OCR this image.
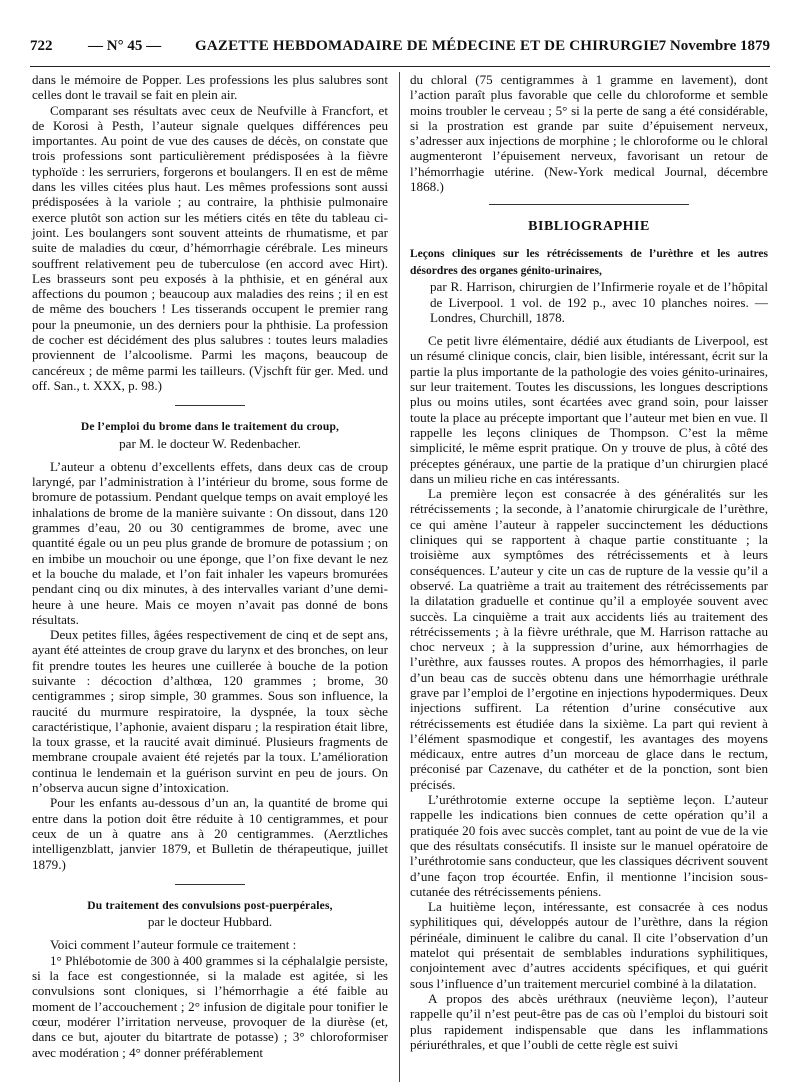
722 — N° 45 — GAZETTE HEBDOMADAIRE DE MÉDECINE ET DE CHIRURGIE 7 Novembre 1879

dans le mémoire de Popper. Les professions les plus salubres sont celles dont le travail se fait en plein air.

Comparant ses résultats avec ceux de Neufville à Francfort, et de Korosi à Pesth, l’auteur signale quelques différences peu importantes. Au point de vue des causes de décès, on constate que trois professions sont particulièrement prédisposées à la fièvre typhoïde : les serruriers, forgerons et boulangers. Il en est de même dans les villes citées plus haut. Les mêmes professions sont aussi prédisposées à la variole ; au contraire, la phthisie pulmonaire exerce plutôt son action sur les métiers cités en tête du tableau ci-joint. Les boulangers sont souvent atteints de rhumatisme, et par suite de maladies du cœur, d’hémorrhagie cérébrale. Les mineurs souffrent relativement peu de tuberculose (en accord avec Hirt). Les brasseurs sont peu exposés à la phthisie, et en général aux affections du poumon ; beaucoup aux maladies des reins ; il en est de même des bouchers ! Les tisserands occupent le premier rang pour la pneumonie, un des derniers pour la phthisie. La profession de cocher est décidément des plus salubres : toutes leurs maladies proviennent de l’alcoolisme. Parmi les maçons, beaucoup de cancéreux ; de même parmi les tailleurs. (Vjschft für ger. Med. und off. San., t. XXX, p. 98.)

De l’emploi du brome dans le traitement du croup,
par M. le docteur W. Redenbacher.

L’auteur a obtenu d’excellents effets, dans deux cas de croup laryngé, par l’administration à l’intérieur du brome, sous forme de bromure de potassium. Pendant quelque temps on avait employé les inhalations de brome de la manière suivante : On dissout, dans 120 grammes d’eau, 20 ou 30 centigrammes de brome, avec une quantité égale ou un peu plus grande de bromure de potassium ; on en imbibe un mouchoir ou une éponge, que l’on fixe devant le nez et la bouche du malade, et l’on fait inhaler les vapeurs bromurées pendant cinq ou dix minutes, à des intervalles variant d’une demi-heure à une heure. Mais ce moyen n’avait pas donné de bons résultats.

Deux petites filles, âgées respectivement de cinq et de sept ans, ayant été atteintes de croup grave du larynx et des bronches, on leur fit prendre toutes les heures une cuillerée à bouche de la potion suivante : décoction d’althœa, 120 grammes ; brome, 30 centigrammes ; sirop simple, 30 grammes. Sous son influence, la raucité du murmure respiratoire, la dyspnée, la toux sèche caractéristique, l’aphonie, avaient disparu ; la respiration était libre, la toux grasse, et la raucité avait diminué. Plusieurs fragments de membrane croupale avaient été rejetés par la toux. L’amélioration continua le lendemain et la guérison survint en peu de jours. On n’observa aucun signe d’intoxication.

Pour les enfants au-dessous d’un an, la quantité de brome qui entre dans la potion doit être réduite à 10 centigrammes, et pour ceux de un à quatre ans à 20 centigrammes. (Aerztliches intelligenzblatt, janvier 1879, et Bulletin de thérapeutique, juillet 1879.)

Du traitement des convulsions post-puerpérales,
par le docteur Hubbard.

Voici comment l’auteur formule ce traitement :

1° Phlébotomie de 300 à 400 grammes si la céphalalgie persiste, si la face est congestionnée, si la malade est agitée, si les convulsions sont cloniques, si l’hémorrhagie a été faible au moment de l’accouchement ; 2° infusion de digitale pour tonifier le cœur, modérer l’irritation nerveuse, provoquer de la diurèse (et, dans ce but, ajouter du bitartrate de potasse) ; 3° chloroformiser avec modération ; 4° donner préférablement

du chloral (75 centigrammes à 1 gramme en lavement), dont l’action paraît plus favorable que celle du chloroforme et semble moins troubler le cerveau ; 5° si la perte de sang a été considérable, si la prostration est grande par suite d’épuisement nerveux, s’adresser aux injections de morphine ; le chloroforme ou le chloral augmenteront l’épuisement nerveux, favorisant un retour de l’hémorrhagie utérine. (New-York medical Journal, décembre 1868.)

BIBLIOGRAPHIE

Leçons cliniques sur les rétrécissements de l’urèthre et les autres désordres des organes génito-urinaires,
par R. Harrison, chirurgien de l’Infirmerie royale et de l’hôpital de Liverpool. 1 vol. de 192 p., avec 10 planches noires. — Londres, Churchill, 1878.

Ce petit livre élémentaire, dédié aux étudiants de Liverpool, est un résumé clinique concis, clair, bien lisible, intéressant, écrit sur la partie la plus importante de la pathologie des voies génito-urinaires, sur leur traitement. Toutes les discussions, les longues descriptions plus ou moins utiles, sont écartées avec grand soin, pour laisser toute la place au précepte important que l’auteur met bien en vue. Il rappelle les leçons cliniques de Thompson. C’est la même simplicité, le même esprit pratique. On y trouve de plus, à côté des préceptes généraux, une partie de la pratique d’un chirurgien placé dans un milieu riche en cas intéressants.

La première leçon est consacrée à des généralités sur les rétrécissements ; la seconde, à l’anatomie chirurgicale de l’urèthre, ce qui amène l’auteur à rappeler succinctement les déductions cliniques qui se rapportent à chaque partie constituante ; la troisième aux symptômes des rétrécissements et à leurs conséquences. L’auteur y cite un cas de rupture de la vessie qu’il a observé. La quatrième a trait au traitement des rétrécissements par la dilatation graduelle et continue qu’il a employée souvent avec succès. La cinquième a trait aux accidents liés au traitement des rétrécissements ; à la fièvre uréthrale, que M. Harrison rattache au choc nerveux ; à la suppression d’urine, aux hémorrhagies de l’urèthre, aux fausses routes. A propos des hémorrhagies, il parle d’un beau cas de succès obtenu dans une hémorrhagie uréthrale grave par l’emploi de l’ergotine en injections hypodermiques. Deux injections suffirent. La rétention d’urine consécutive aux rétrécissements est étudiée dans la sixième. La part qui revient à l’élément spasmodique et congestif, les avantages des moyens médicaux, entre autres d’un morceau de glace dans le rectum, préconisé par Cazenave, du cathéter et de la ponction, sont bien précisés.

L’uréthrotomie externe occupe la septième leçon. L’auteur rappelle les indications bien connues de cette opération qu’il a pratiquée 20 fois avec succès complet, tant au point de vue de la vie que des résultats consécutifs. Il insiste sur le manuel opératoire de l’uréthrotomie sans conducteur, que les classiques décrivent souvent d’une façon trop écourtée. Enfin, il mentionne l’incision sous-cutanée des rétrécissements péniens.

La huitième leçon, intéressante, est consacrée à ces nodus syphilitiques qui, développés autour de l’urèthre, dans la région périnéale, diminuent le calibre du canal. Il cite l’observation d’un matelot qui présentait de semblables indurations syphilitiques, conjointement avec d’autres accidents spécifiques, et qui guérit sous l’influence d’un traitement mercuriel combiné à la dilatation.

A propos des abcès uréthraux (neuvième leçon), l’auteur rappelle qu’il n’est peut-être pas de cas où l’emploi du bistouri soit plus rapidement indispensable que dans les inflammations périuréthrales, et que l’oubli de cette règle est suivi
